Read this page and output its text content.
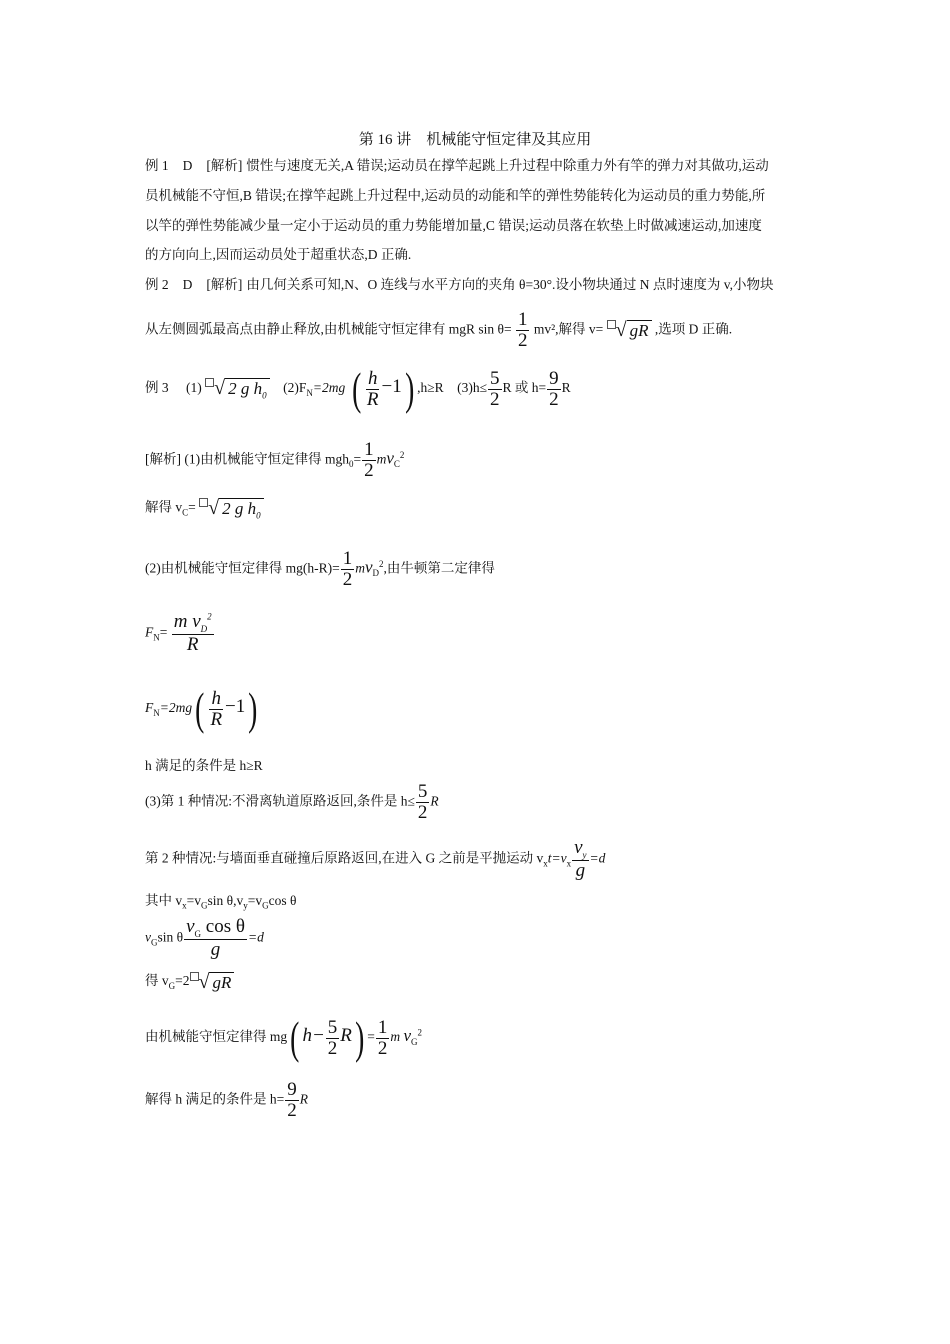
第 16 讲　机械能守恒定律及其应用
例 1 D [解析] 惯性与速度无关,A 错误;运动员在撑竿起跳上升过程中除重力外有竿的弹力对其做功,运动
员机械能不守恒,B 错误;在撑竿起跳上升过程中,运动员的动能和竿的弹性势能转化为运动员的重力势能,所
以竿的弹性势能减少量一定小于运动员的重力势能增加量,C 错误;运动员落在软垫上时做减速运动,加速度
的方向向上,因而运动员处于超重状态,D 正确.
例 2 D [解析] 由几何关系可知,N、O 连线与水平方向的夹角 θ=30°.设小物块通过 N 点时速度为 v,小物块
从左侧圆弧最高点由静止释放,由机械能守恒定律有 mgR $\sin \theta= \frac{1}{2} mv^2$,解得 v= √ gR ,选项 D 正确.
例 3 (1) √ 2 g $h_0$    $(2)F_N=2mg$ ( $\frac{h}{R} -1$) ,h≥R $(3)h\le \frac{5}{2}$ R 或 $h= \frac{9}{2}$ R
[解析] (1)由机械能守恒定律得 $mgh_0= \frac{1}{2} mv_C^2$
解得 $v_C=$ √ 2 g $h_0$
(2)由机械能守恒定律得 $mg(h-R)= \frac{1}{2} mv_D^2$,由牛顿第二定律得
$F_N= \frac{m v_D^2}{R}$
$F_N=2mg( \frac{h}{R} -1)$
h 满足的条件是 h≥R
(3)第 1 种情况:不滑离轨道原路返回,条件是 $h\le \frac{5}{2}$ R
第 2 种情况:与墙面垂直碰撞后原路返回,在进入 G 之前是平抛运动 $v_xt=v_x \frac{v_y}{g} =d$
其中 $v_x=v_G\sin$ $\theta,v_y=v_G\cos$ θ
$v_G\sin$ θ $\frac{v_G \cos \theta}{g} =d$
得 $v_G=2$ √ gR
由机械能守恒定律得 mg( $h- \frac{5}{2} R) = \frac{1}{2}$ m $v_G^2$
解得 h 满足的条件是 $h= \frac{9}{2}$ R
